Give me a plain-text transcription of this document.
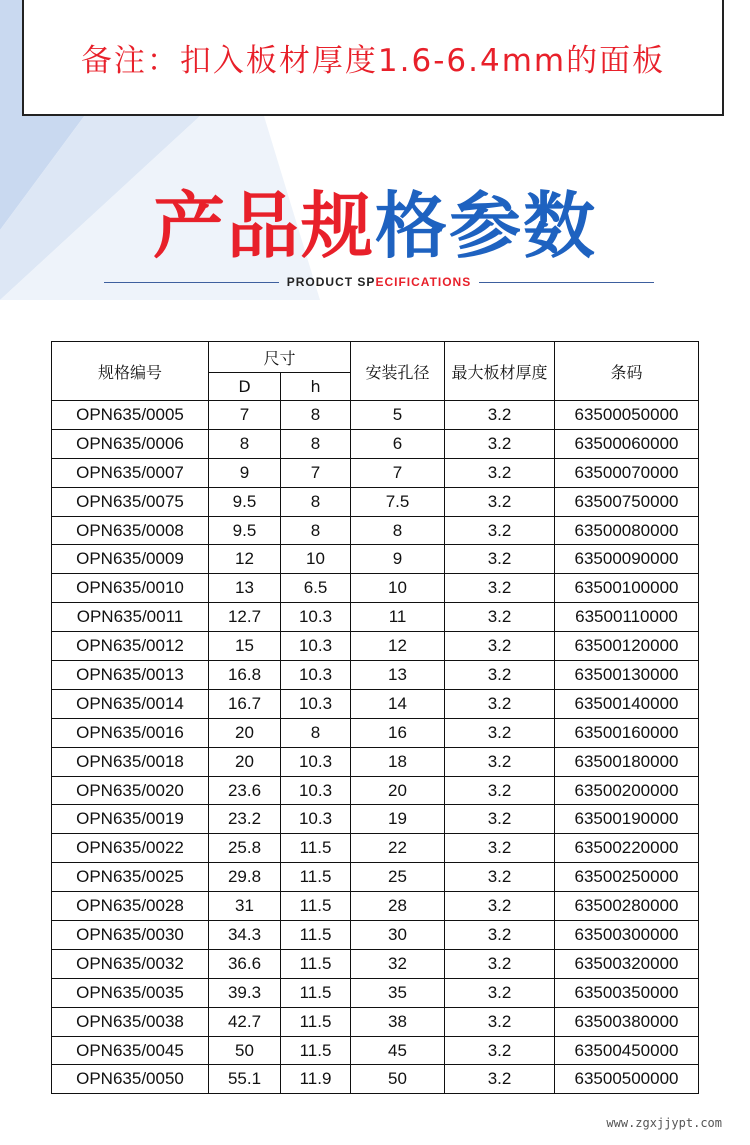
备注：扣入板材厚度1.6-6.4mm的面板
产品规格参数
PRODUCT SPECIFICATIONS
规格编号	尺寸		安装孔径	最大板材厚度	条码
	D	h			
OPN635/0005	7	8	5	3.2	63500050000
OPN635/0006	8	8	6	3.2	63500060000
OPN635/0007	9	7	7	3.2	63500070000
OPN635/0075	9.5	8	7.5	3.2	63500750000
OPN635/0008	9.5	8	8	3.2	63500080000
OPN635/0009	12	10	9	3.2	63500090000
OPN635/0010	13	6.5	10	3.2	63500100000
OPN635/0011	12.7	10.3	11	3.2	63500110000
OPN635/0012	15	10.3	12	3.2	63500120000
OPN635/0013	16.8	10.3	13	3.2	63500130000
OPN635/0014	16.7	10.3	14	3.2	63500140000
OPN635/0016	20	8	16	3.2	63500160000
OPN635/0018	20	10.3	18	3.2	63500180000
OPN635/0020	23.6	10.3	20	3.2	63500200000
OPN635/0019	23.2	10.3	19	3.2	63500190000
OPN635/0022	25.8	11.5	22	3.2	63500220000
OPN635/0025	29.8	11.5	25	3.2	63500250000
OPN635/0028	31	11.5	28	3.2	63500280000
OPN635/0030	34.3	11.5	30	3.2	63500300000
OPN635/0032	36.6	11.5	32	3.2	63500320000
OPN635/0035	39.3	11.5	35	3.2	63500350000
OPN635/0038	42.7	11.5	38	3.2	63500380000
OPN635/0045	50	11.5	45	3.2	63500450000
OPN635/0050	55.1	11.9	50	3.2	63500500000
www.zgxjjypt.com
